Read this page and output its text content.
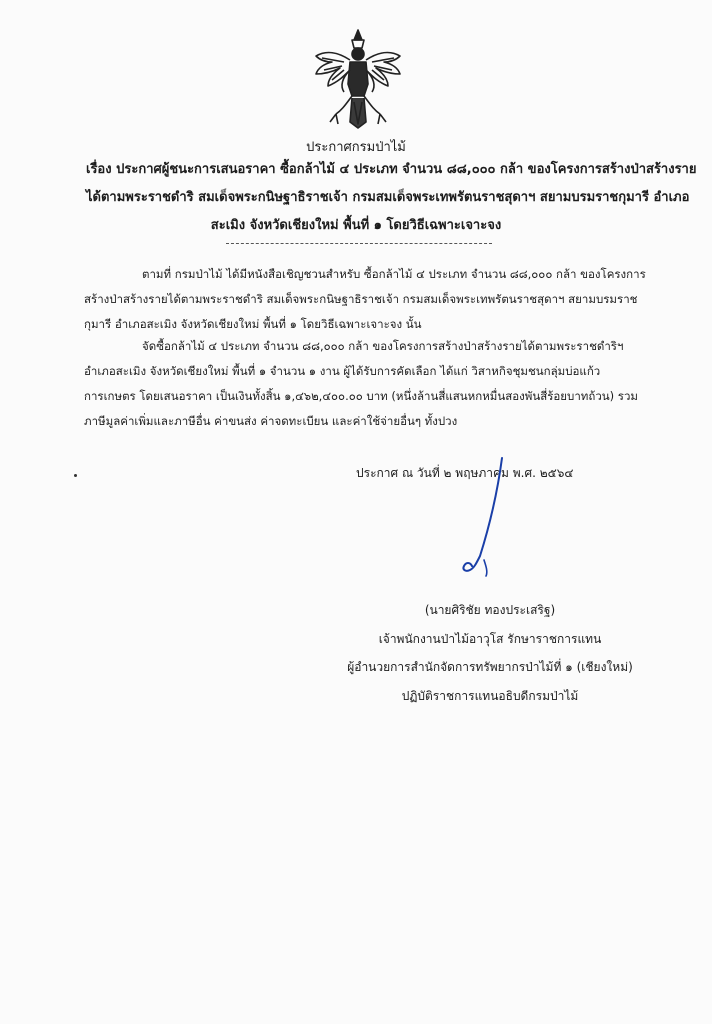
ประกาศกรมป่าไม้
เรื่อง ประกาศผู้ชนะการเสนอราคา ซื้อกล้าไม้ ๔ ประเภท จำนวน ๘๘,๐๐๐ กล้า ของโครงการสร้างป่าสร้างราย
ได้ตามพระราชดำริ สมเด็จพระกนิษฐาธิราชเจ้า กรมสมเด็จพระเทพรัตนราชสุดาฯ สยามบรมราชกุมารี อำเภอ
สะเมิง จังหวัดเชียงใหม่ พื้นที่ ๑ โดยวิธีเฉพาะเจาะจง
ตามที่ กรมป่าไม้ ได้มีหนังสือเชิญชวนสำหรับ ซื้อกล้าไม้ ๔ ประเภท จำนวน ๘๘,๐๐๐ กล้า ของโครงการ
สร้างป่าสร้างรายได้ตามพระราชดำริ สมเด็จพระกนิษฐาธิราชเจ้า กรมสมเด็จพระเทพรัตนราชสุดาฯ สยามบรมราช
กุมารี อำเภอสะเมิง จังหวัดเชียงใหม่ พื้นที่ ๑ โดยวิธีเฉพาะเจาะจง นั้น
จัดซื้อกล้าไม้ ๔ ประเภท จำนวน ๘๘,๐๐๐ กล้า ของโครงการสร้างป่าสร้างรายได้ตามพระราชดำริฯ
อำเภอสะเมิง จังหวัดเชียงใหม่ พื้นที่ ๑ จำนวน ๑ งาน ผู้ได้รับการคัดเลือก ได้แก่ วิสาหกิจชุมชนกลุ่มบ่อแก้ว
การเกษตร โดยเสนอราคา เป็นเงินทั้งสิ้น ๑,๔๖๒,๔๐๐.๐๐ บาท (หนึ่งล้านสี่แสนหกหมื่นสองพันสี่ร้อยบาทถ้วน) รวม
ภาษีมูลค่าเพิ่มและภาษีอื่น ค่าขนส่ง ค่าจดทะเบียน และค่าใช้จ่ายอื่นๆ ทั้งปวง
ประกาศ ณ วันที่ ๒ พฤษภาคม พ.ศ. ๒๕๖๔
(นายศิริชัย ทองประเสริฐ)
เจ้าพนักงานป่าไม้อาวุโส รักษาราชการแทน
ผู้อำนวยการสำนักจัดการทรัพยากรป่าไม้ที่ ๑ (เชียงใหม่)
ปฏิบัติราชการแทนอธิบดีกรมป่าไม้
